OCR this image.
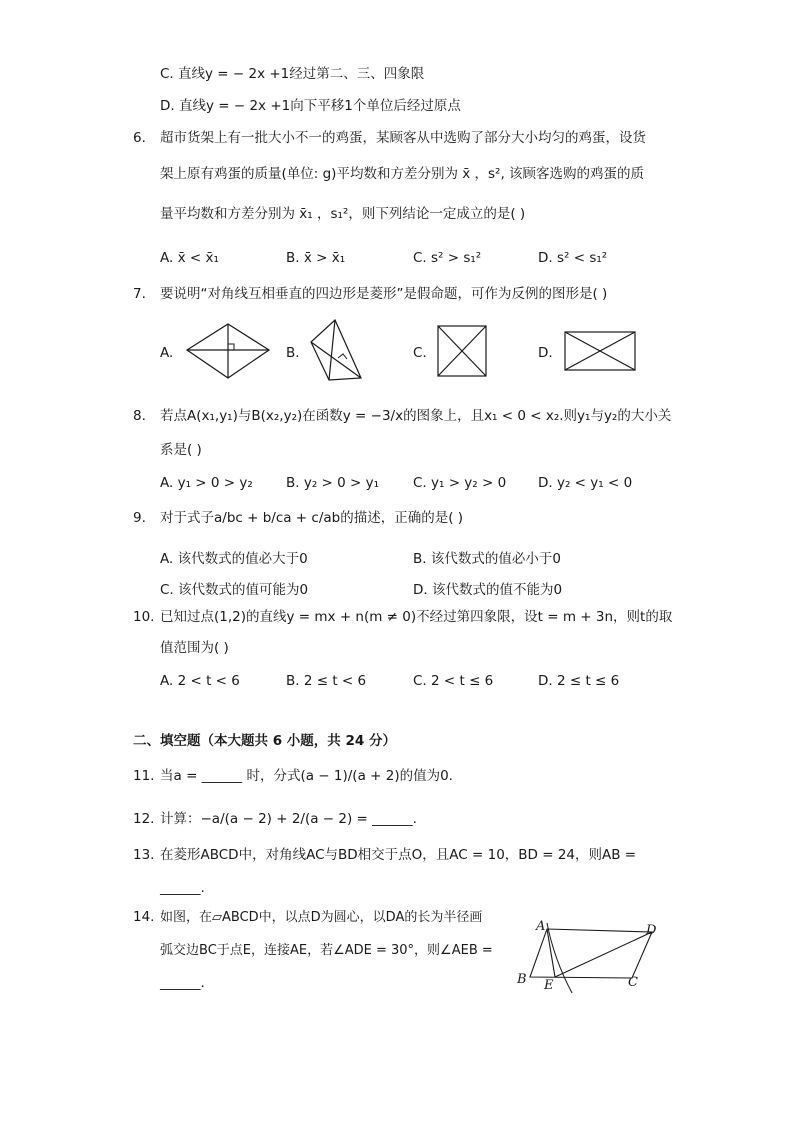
C. 直线y = − 2x +1经过第二、三、四象限
D. 直线y = − 2x +1向下平移1个单位后经过原点
6. 超市货架上有一批大小不一的鸡蛋，某顾客从中选购了部分大小均匀的鸡蛋，设货
架上原有鸡蛋的质量(单位: g)平均数和方差分别为 x̄ ，s², 该顾客选购的鸡蛋的质
量平均数和方差分别为 x̄₁ ，s₁²，则下列结论一定成立的是( )
A. x̄ < x̄₁	B. x̄ > x̄₁	C. s² > s₁²	D. s² < s₁²
7. 要说明“对角线互相垂直的四边形是菱形”是假命题，可作为反例的图形是( )
A.	B.	C.	D.
8. 若点A(x₁,y₁)与B(x₂,y₂)在函数y = −3/x的图象上，且x₁ < 0 < x₂.则y₁与y₂的大小关
系是( )
A. y₁ > 0 > y₂ B. y₂ > 0 > y₁	C. y₁ > y₂ > 0 D. y₂ < y₁ < 0
9. 对于式子a/bc + b/ca + c/ab的描述，正确的是( )
A. 该代数式的值必大于0	B. 该代数式的值必小于0
C. 该代数式的值可能为0	D. 该代数式的值不能为0
10. 已知过点(1,2)的直线y = mx + n(m ≠ 0)不经过第四象限，设t = m + 3n，则t的取
值范围为( )
A. 2 < t < 6	B. 2 ≤ t < 6	C. 2 < t ≤ 6	D. 2 ≤ t ≤ 6
二、填空题（本大题共 6 小题，共 24 分）
11. 当a = ______ 时，分式(a − 1)/(a + 2)的值为0.
12. 计算：−a/(a − 2) + 2/(a − 2) = ______.
13. 在菱形ABCD中，对角线AC与BD相交于点O，且AC = 10，BD = 24，则AB =
______.
14. 如图，在▱ABCD中，以点D为圆心，以DA的长为半径画
弧交边BC于点E，连接AE，若∠ADE = 30°，则∠AEB =
______.
A	D
B E	C
